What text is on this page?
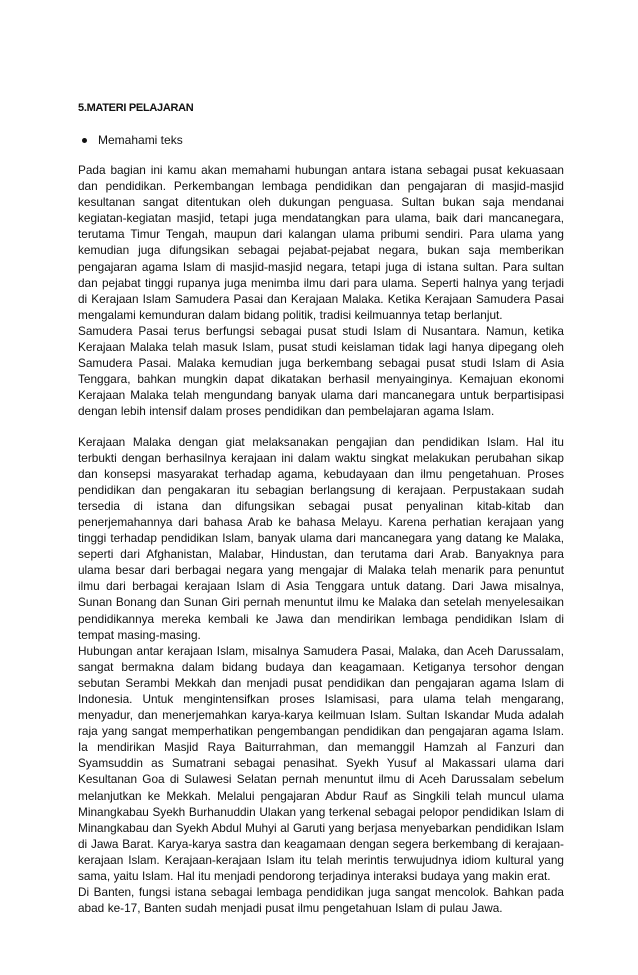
5.MATERI PELAJARAN

Memahami teks

Pada bagian ini kamu akan memahami hubungan antara istana sebagai pusat kekuasaan dan pendidikan. Perkembangan lembaga pendidikan dan pengajaran di masjid-masjid kesultanan sangat ditentukan oleh dukungan penguasa. Sultan bukan saja mendanai kegiatan-kegiatan masjid, tetapi juga mendatangkan para ulama, baik dari mancanegara, terutama Timur Tengah, maupun dari kalangan ulama pribumi sendiri. Para ulama yang kemudian juga difungsikan sebagai pejabat-pejabat negara, bukan saja memberikan pengajaran agama Islam di masjid-masjid negara, tetapi juga di istana sultan. Para sultan dan pejabat tinggi rupanya juga menimba ilmu dari para ulama. Seperti halnya yang terjadi di Kerajaan Islam Samudera Pasai dan Kerajaan Malaka. Ketika Kerajaan Samudera Pasai mengalami kemunduran dalam bidang politik, tradisi keilmuannya tetap berlanjut.

Samudera Pasai terus berfungsi sebagai pusat studi Islam di Nusantara. Namun, ketika Kerajaan Malaka telah masuk Islam, pusat studi keislaman tidak lagi hanya dipegang oleh Samudera Pasai. Malaka kemudian juga berkembang sebagai pusat studi Islam di Asia Tenggara, bahkan mungkin dapat dikatakan berhasil menyainginya. Kemajuan ekonomi Kerajaan Malaka telah mengundang banyak ulama dari mancanegara untuk berpartisipasi dengan lebih intensif dalam proses pendidikan dan pembelajaran agama Islam.

Kerajaan Malaka dengan giat melaksanakan pengajian dan pendidikan Islam. Hal itu terbukti dengan berhasilnya kerajaan ini dalam waktu singkat melakukan perubahan sikap dan konsepsi masyarakat terhadap agama, kebudayaan dan ilmu pengetahuan. Proses pendidikan dan pengakaran itu sebagian berlangsung di kerajaan. Perpustakaan sudah tersedia di istana dan difungsikan sebagai pusat penyalinan kitab-kitab dan penerjemahannya dari bahasa Arab ke bahasa Melayu. Karena perhatian kerajaan yang tinggi terhadap pendidikan Islam, banyak ulama dari mancanegara yang datang ke Malaka, seperti dari Afghanistan, Malabar, Hindustan, dan terutama dari Arab. Banyaknya para ulama besar dari berbagai negara yang mengajar di Malaka telah menarik para penuntut ilmu dari berbagai kerajaan Islam di Asia Tenggara untuk datang. Dari Jawa misalnya, Sunan Bonang dan Sunan Giri pernah menuntut ilmu ke Malaka dan setelah menyelesaikan pendidikannya mereka kembali ke Jawa dan mendirikan lembaga pendidikan Islam di tempat masing-masing.

Hubungan antar kerajaan Islam, misalnya Samudera Pasai, Malaka, dan Aceh Darussalam, sangat bermakna dalam bidang budaya dan keagamaan. Ketiganya tersohor dengan sebutan Serambi Mekkah dan menjadi pusat pendidikan dan pengajaran agama Islam di Indonesia. Untuk mengintensifkan proses Islamisasi, para ulama telah mengarang, menyadur, dan menerjemahkan karya-karya keilmuan Islam. Sultan Iskandar Muda adalah raja yang sangat memperhatikan pengembangan pendidikan dan pengajaran agama Islam. Ia mendirikan Masjid Raya Baiturrahman, dan memanggil Hamzah al Fanzuri dan Syamsuddin as Sumatrani sebagai penasihat. Syekh Yusuf al Makassari ulama dari Kesultanan Goa di Sulawesi Selatan pernah menuntut ilmu di Aceh Darussalam sebelum melanjutkan ke Mekkah. Melalui pengajaran Abdur Rauf as Singkili telah muncul ulama Minangkabau Syekh Burhanuddin Ulakan yang terkenal sebagai pelopor pendidikan Islam di Minangkabau dan Syekh Abdul Muhyi al Garuti yang berjasa menyebarkan pendidikan Islam di Jawa Barat. Karya-karya sastra dan keagamaan dengan segera berkembang di kerajaan-kerajaan Islam. Kerajaan-kerajaan Islam itu telah merintis terwujudnya idiom kultural yang sama, yaitu Islam. Hal itu menjadi pendorong terjadinya interaksi budaya yang makin erat.

Di Banten, fungsi istana sebagai lembaga pendidikan juga sangat mencolok. Bahkan pada abad ke-17, Banten sudah menjadi pusat ilmu pengetahuan Islam di pulau Jawa.
